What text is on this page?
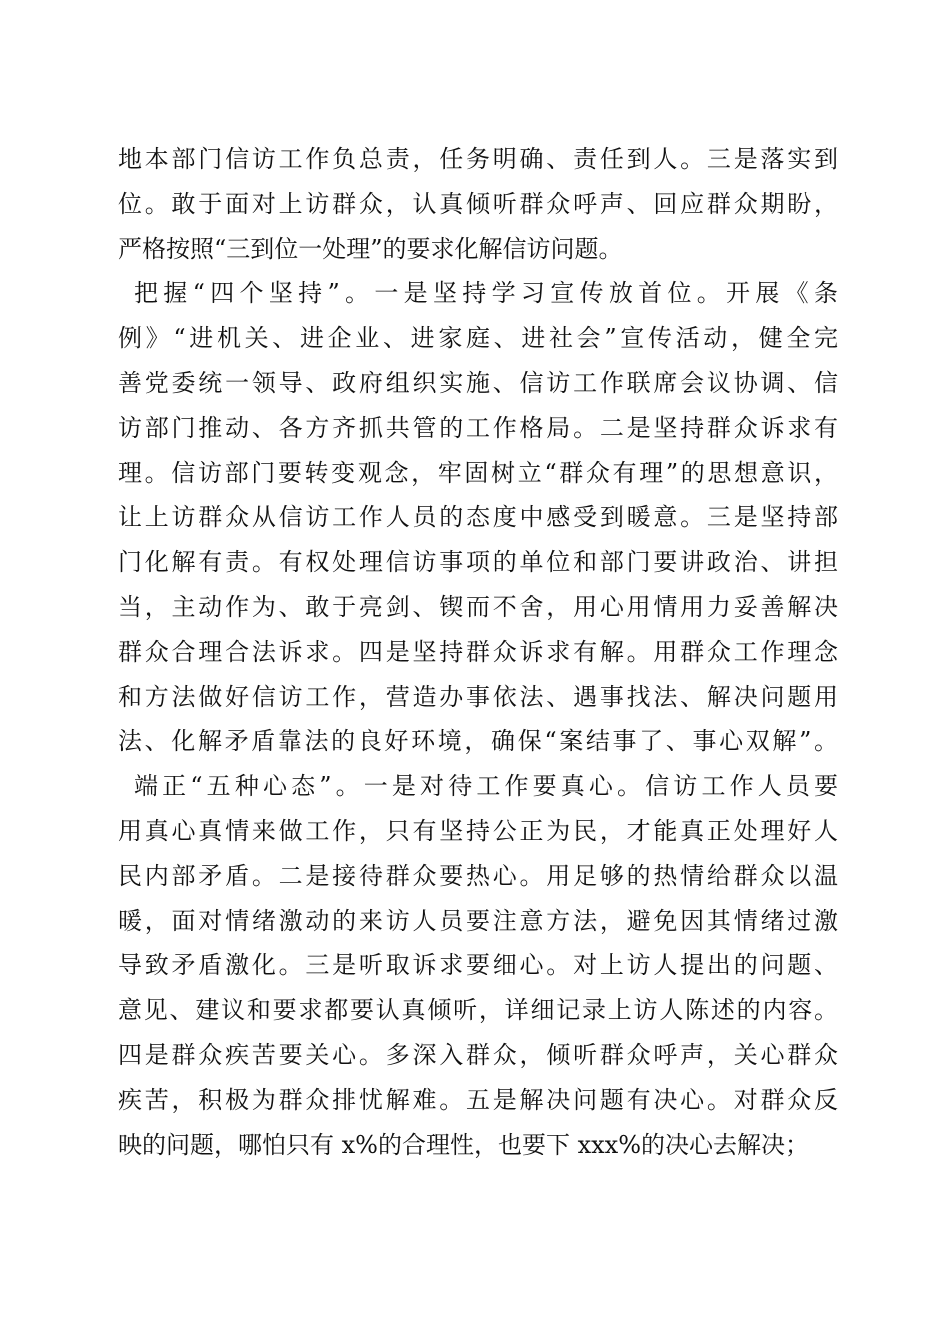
地本部门信访工作负总责，任务明确、责任到人。三是落实到
位。敢于面对上访群众，认真倾听群众呼声、回应群众期盼，
严格按照“三到位一处理”的要求化解信访问题。
把握“四个坚持”。一是坚持学习宣传放首位。开展《条
例》“进机关、进企业、进家庭、进社会”宣传活动，健全完
善党委统一领导、政府组织实施、信访工作联席会议协调、信
访部门推动、各方齐抓共管的工作格局。二是坚持群众诉求有
理。信访部门要转变观念，牢固树立“群众有理”的思想意识，
让上访群众从信访工作人员的态度中感受到暖意。三是坚持部
门化解有责。有权处理信访事项的单位和部门要讲政治、讲担
当，主动作为、敢于亮剑、锲而不舍，用心用情用力妥善解决
群众合理合法诉求。四是坚持群众诉求有解。用群众工作理念
和方法做好信访工作，营造办事依法、遇事找法、解决问题用
法、化解矛盾靠法的良好环境，确保“案结事了、事心双解”。
端正“五种心态”。一是对待工作要真心。信访工作人员要
用真心真情来做工作，只有坚持公正为民，才能真正处理好人
民内部矛盾。二是接待群众要热心。用足够的热情给群众以温
暖，面对情绪激动的来访人员要注意方法，避免因其情绪过激
导致矛盾激化。三是听取诉求要细心。对上访人提出的问题、
意见、建议和要求都要认真倾听，详细记录上访人陈述的内容。
四是群众疾苦要关心。多深入群众，倾听群众呼声，关心群众
疾苦，积极为群众排忧解难。五是解决问题有决心。对群众反
映的问题，哪怕只有 x%的合理性，也要下 xxx%的决心去解决；
